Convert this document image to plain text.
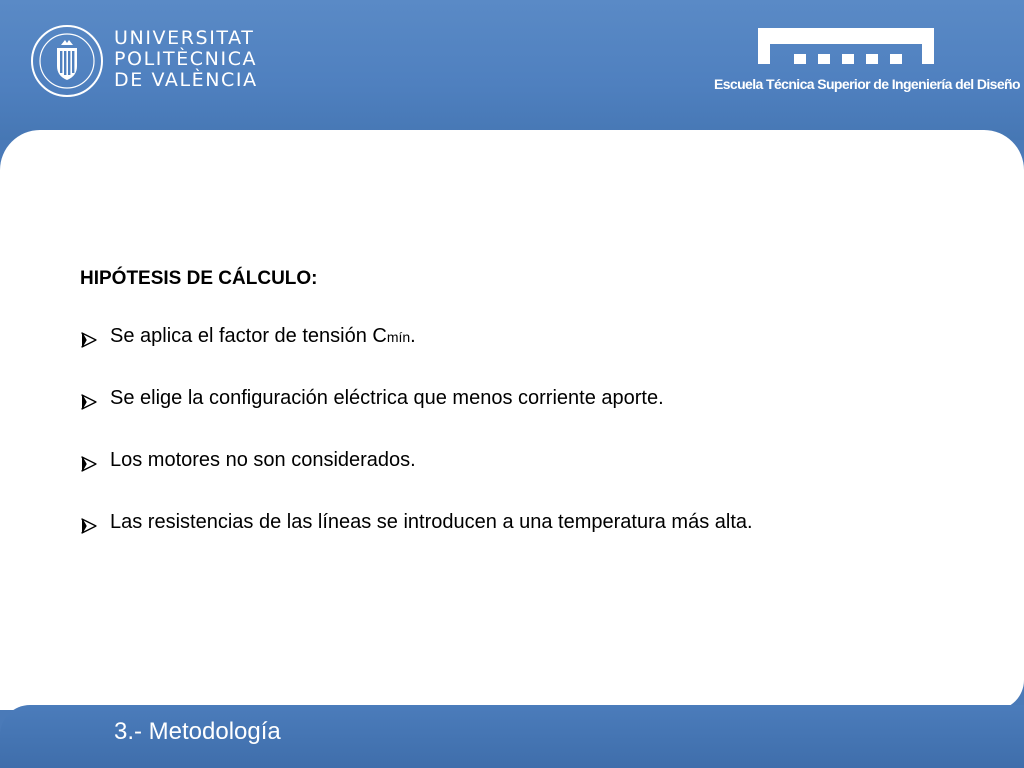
UNIVERSITAT
POLITÈCNICA
DE VALÈNCIA	Escuela Técnica Superior de Ingeniería del Diseño
HIPÓTESIS DE CÁLCULO:
Se aplica el factor de tensión Cmín.
Se elige la configuración eléctrica que menos corriente aporte.
Los motores no son considerados.
Las resistencias de las líneas se introducen a una temperatura más alta.
3.- Metodología
